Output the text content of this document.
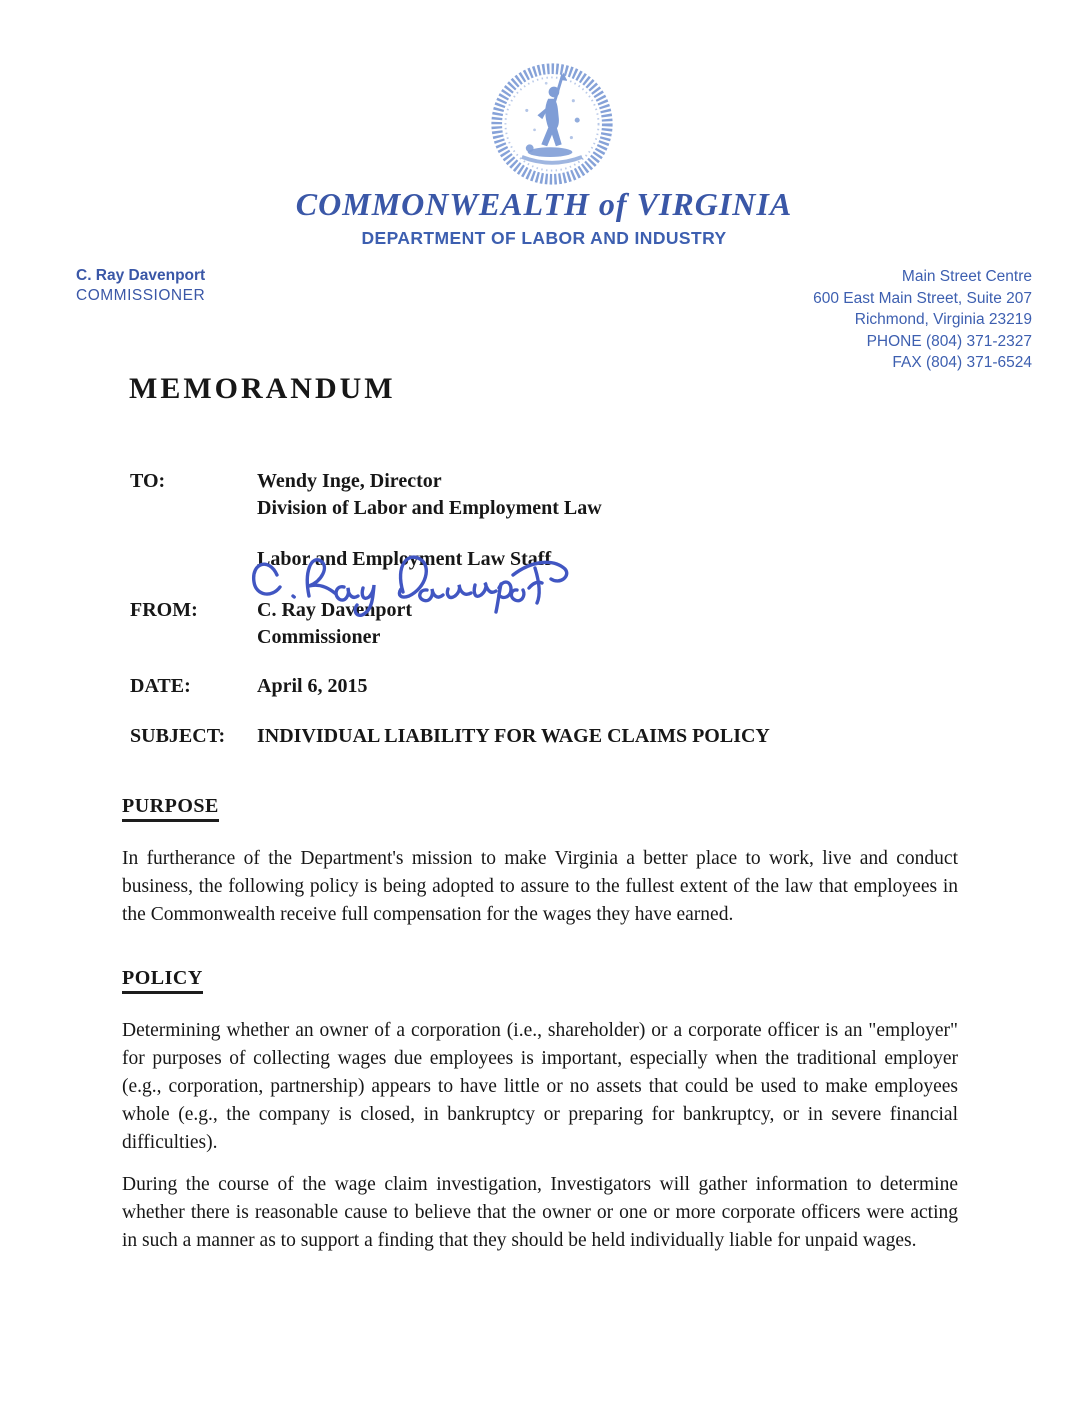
COMMONWEALTH of VIRGINIA
DEPARTMENT OF LABOR AND INDUSTRY
C. Ray Davenport
COMMISSIONER
Main Street Centre
600 East Main Street, Suite 207
Richmond, Virginia 23219
PHONE (804) 371-2327
FAX (804) 371-6524
MEMORANDUM
TO:	Wendy Inge, Director
Division of Labor and Employment Law
Labor and Employment Law Staff
FROM:	C. Ray Davenport
Commissioner
DATE:	April 6, 2015
SUBJECT:	INDIVIDUAL LIABILITY FOR WAGE CLAIMS POLICY
PURPOSE

In furtherance of the Department's mission to make Virginia a better place to work, live and conduct business, the following policy is being adopted to assure to the fullest extent of the law that employees in the Commonwealth receive full compensation for the wages they have earned.

POLICY

Determining whether an owner of a corporation (i.e., shareholder) or a corporate officer is an "employer" for purposes of collecting wages due employees is important, especially when the traditional employer (e.g., corporation, partnership) appears to have little or no assets that could be used to make employees whole (e.g., the company is closed, in bankruptcy or preparing for bankruptcy, or in severe financial difficulties).

During the course of the wage claim investigation, Investigators will gather information to determine whether there is reasonable cause to believe that the owner or one or more corporate officers were acting in such a manner as to support a finding that they should be held individually liable for unpaid wages.
